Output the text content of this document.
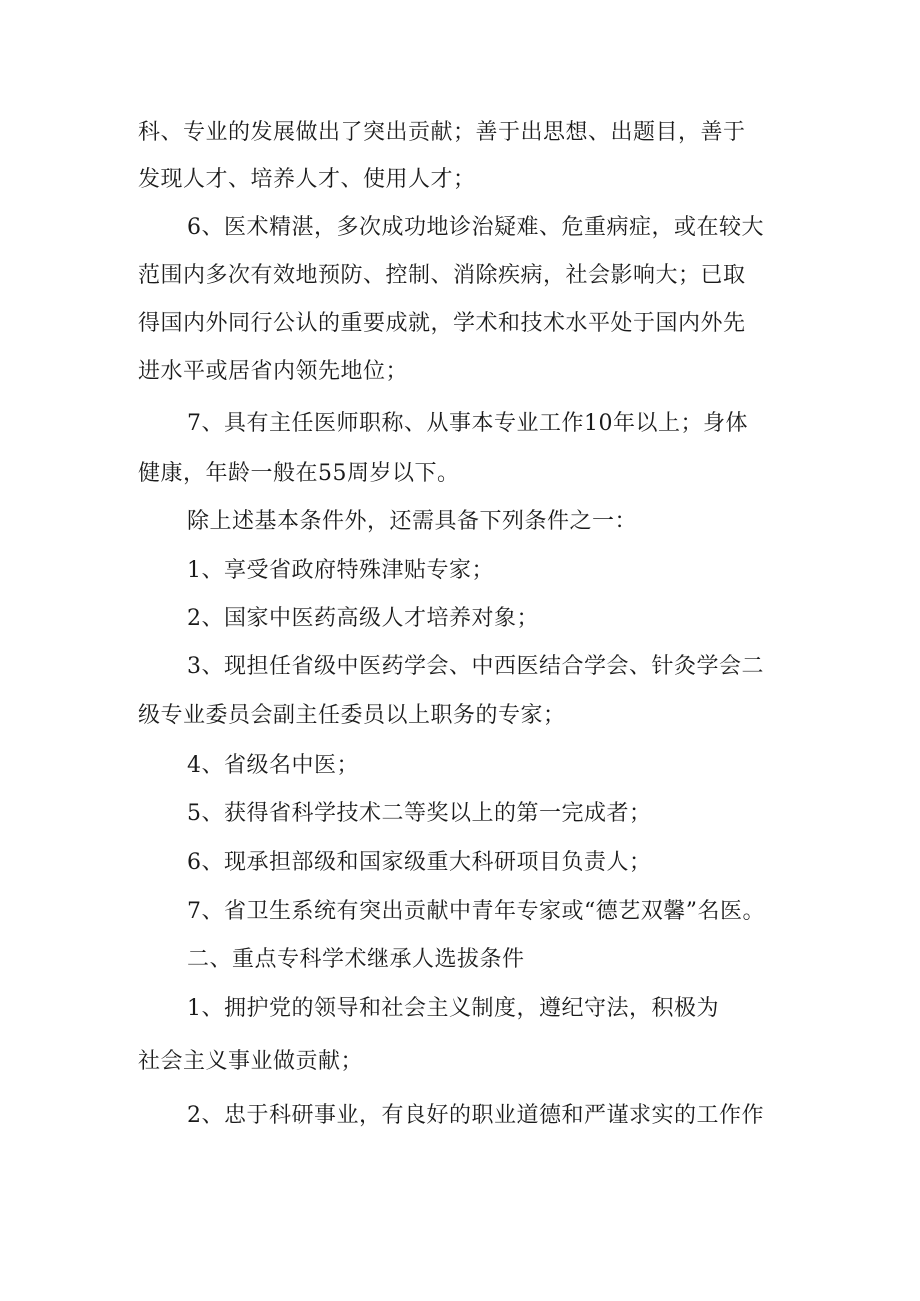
科、专业的发展做出了突出贡献；善于出思想、出题目，善于
发现人才、培养人才、使用人才；
6、医术精湛，多次成功地诊治疑难、危重病症，或在较大
范围内多次有效地预防、控制、消除疾病，社会影响大；已取
得国内外同行公认的重要成就，学术和技术水平处于国内外先
进水平或居省内领先地位；
7、具有主任医师职称、从事本专业工作10年以上；身体
健康，年龄一般在55周岁以下。
除上述基本条件外，还需具备下列条件之一：
1、享受省政府特殊津贴专家；
2、国家中医药高级人才培养对象；
3、现担任省级中医药学会、中西医结合学会、针灸学会二
级专业委员会副主任委员以上职务的专家；
4、省级名中医；
5、获得省科学技术二等奖以上的第一完成者；
6、现承担部级和国家级重大科研项目负责人；
7、省卫生系统有突出贡献中青年专家或“德艺双馨”名医。
二、重点专科学术继承人选拔条件
1、拥护党的领导和社会主义制度，遵纪守法，积极为
社会主义事业做贡献；
2、忠于科研事业，有良好的职业道德和严谨求实的工作作
